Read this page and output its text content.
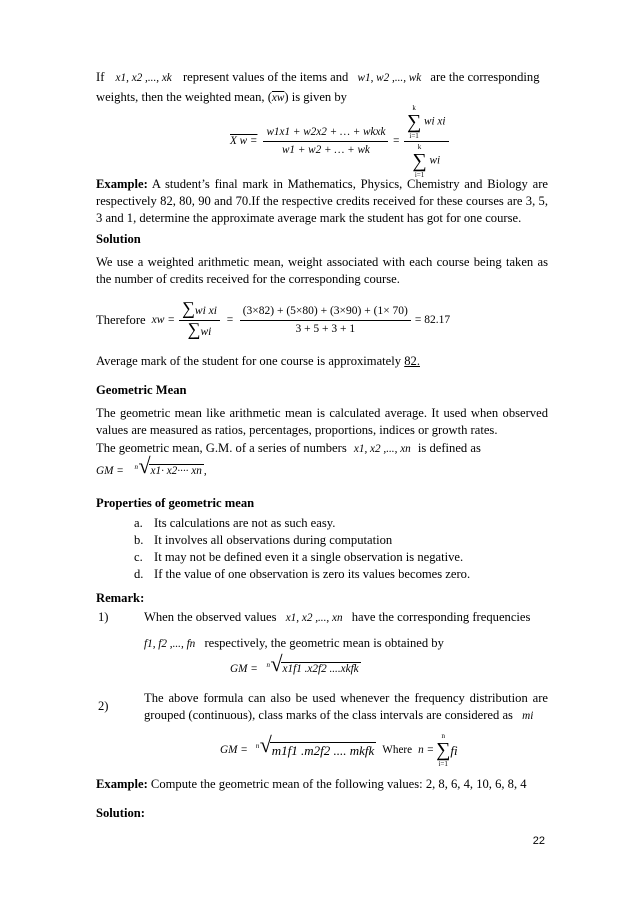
If x1, x2 ,..., xk represent values of the items and w1, w2 ,..., wk are the corresponding

weights, then the weighted mean, $(\overline{xw})$ is given by

X $w = \frac{\text{w1x1 + w2x2 + … + wkxk}}{w1 + w2 + \dots + wk} = k$
∑
i=1
wi xi
k
∑
i=1
wi

Example: A student’s final mark in Mathematics, Physics, Chemistry and Biology are respectively 82, 80, 90 and 70.If the respective credits received for these courses are 3, 5, 3 and 1, determine the approximate average mark the student has got for one course.

Solution

We use a weighted arithmetic mean, weight associated with each course being taken as the number of credits received for the corresponding course.

Therefore xw = $\frac{\text{∑wi xi}}{\sum wi} = \frac{(3\times 82) + (5\times 80) + (3\times 90) + (1\times 70)}{3 + 5 + 3 + 1} = 82.17$

Average mark of the student for one course is approximately 82.

Geometric Mean

The geometric mean like arithmetic mean is calculated average. It used when observed values are measured as ratios, percentages, proportions, indices or growth rates.

The geometric mean, G.M. of a series of numbers x1, x2 ,..., xn is defined as

GM = n √ x1· x2···· xn ,

Properties of geometric mean

a. Its calculations are not as such easy.
b. It involves all observations during computation
c. It may not be defined even it a single observation is negative.
d. If the value of one observation is zero its values becomes zero.

Remark:

1)	When the observed values x1, x2 ,..., xn have the corresponding frequencies
f1, f2 ,..., fn respectively, the geometric mean is obtained by
GM = n √ x1f1 .x2f2 ....xkfk
2)
The above formula can also be used whenever the frequency distribution are grouped (continuous), class marks of the class intervals are considered as mi
GM = n √ m1f1 .m2f2 .... mkfk Where n =
n
∑
i=1
fi

Example: Compute the geometric mean of the following values: 2, 8, 6, 4, 10, 6, 8, 4

Solution:

22
